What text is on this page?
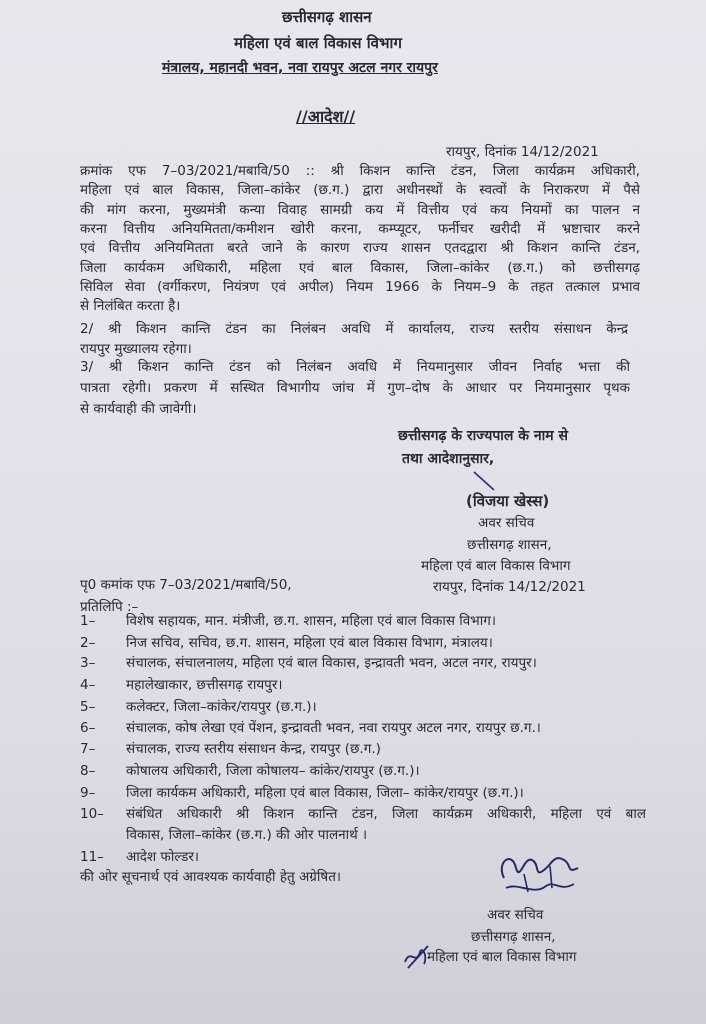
छत्तीसगढ़ शासन
महिला एवं बाल विकास विभाग
मंत्रालय, महानदी भवन, नवा रायपुर अटल नगर रायपुर
//आदेश//
रायपुर, दिनांक 14/12/2021
क्रमांक एफ 7–03/2021/मबावि/50 :: श्री किशन कान्ति टंडन, जिला कार्यक्रम अधिकारी,
महिला एवं बाल विकास, जिला–कांकेर (छ.ग.) द्वारा अधीनस्थों के स्वत्वों के निराकरण में पैसे
की मांग करना, मुख्यमंत्री कन्या विवाह सामग्री कय में वित्तीय एवं कय नियमों का पालन न
करना वित्तीय अनियमितता/कमीशन खोरी करना, कम्प्यूटर, फर्नीचर खरीदी में भ्रष्टाचार करने
एवं वित्तीय अनियमितता बरते जाने के कारण राज्य शासन एतदद्वारा श्री किशन कान्ति टंडन,
जिला कार्यकम अधिकारी, महिला एवं बाल विकास, जिला–कांकेर (छ.ग.) को छत्तीसगढ़
सिविल सेवा (वर्गीकरण, नियंत्रण एवं अपील) नियम 1966 के नियम–9 के तहत तत्काल प्रभाव
से निलंबित करता है।
2/ श्री किशन कान्ति टंडन का निलंबन अवधि में कार्यालय, राज्य स्तरीय संसाधन केन्द्र
रायपुर मुख्यालय रहेगा।
3/ श्री किशन कान्ति टंडन को निलंबन अवधि में नियमानुसार जीवन निर्वाह भत्ता की
पात्रता रहेगी। प्रकरण में सस्थित विभागीय जांच में गुण–दोष के आधार पर नियमानुसार पृथक
से कार्यवाही की जावेगी।
छत्तीसगढ़ के राज्यपाल के नाम से
तथा आदेशानुसार,
(विजया खेस्स)
अवर सचिव
छत्तीसगढ़ शासन,
महिला एवं बाल विकास विभाग
रायपुर, दिनांक 14/12/2021
पृ0 कमांक एफ 7–03/2021/मबावि/50,
प्रतिलिपि :–
1– विशेष सहायक, मान. मंत्रीजी, छ.ग. शासन, महिला एवं बाल विकास विभाग।
2– निज सचिव, सचिव, छ.ग. शासन, महिला एवं बाल विकास विभाग, मंत्रालय।
3– संचालक, संचालनालय, महिला एवं बाल विकास, इन्द्रावती भवन, अटल नगर, रायपुर।
4– महालेखाकार, छत्तीसगढ़ रायपुर।
5– कलेक्टर, जिला–कांकेर/रायपुर (छ.ग.)।
6– संचालक, कोष लेखा एवं पेंशन, इन्द्रावती भवन, नवा रायपुर अटल नगर, रायपुर छ.ग.।
7– संचालक, राज्य स्तरीय संसाधन केन्द्र, रायपुर (छ.ग.)
8– कोषालय अधिकारी, जिला कोषालय– कांकेर/रायपुर (छ.ग.)।
9– जिला कार्यकम अधिकारी, महिला एवं बाल विकास, जिला– कांकेर/रायपुर (छ.ग.)।
10– संबंधित अधिकारी श्री किशन कान्ति टंडन, जिला कार्यक्रम अधिकारी, महिला एवं बाल
विकास, जिला–कांकेर (छ.ग.) की ओर पालनार्थ ।
11– आदेश फोल्डर।
की ओर सूचनार्थ एवं आवश्यक कार्यवाही हेतु अग्रेषित।
अवर सचिव
छत्तीसगढ़ शासन,
महिला एवं बाल विकास विभाग
